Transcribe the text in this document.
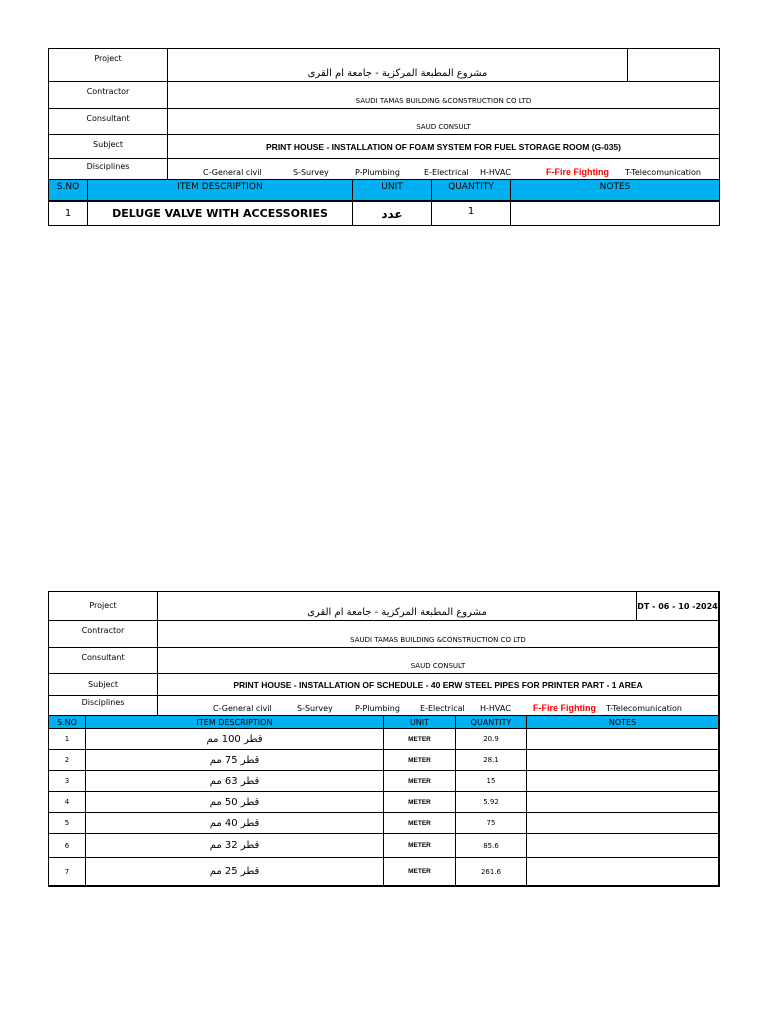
Project
مشروع المطبعة المركزية - جامعة ام القرى
Contractor
SAUDI TAMAS BUILDING &CONSTRUCTION CO LTD
Consultant
SAUD CONSULT
Subject	PRINT HOUSE - INSTALLATION OF FOAM SYSTEM FOR FUEL STORAGE ROOM (G-035)
Disciplines
C-General civil	S-Survey	P-Plumbing	E-Electrical H-HVAC	F-Fire Fighting T-Telecomunication
S.NO	ITEM DESCRIPTION	UNIT	QUANTITY	NOTES
1	DELUGE VALVE WITH ACCESSORIES	عدد	1
Project
مشروع المطبعة المركزية - جامعة ام القرى
DT - 06 - 10 -2024
Contractor
SAUDI TAMAS BUILDING &CONSTRUCTION CO LTD
Consultant
SAUD CONSULT
Subject	PRINT HOUSE - INSTALLATION OF SCHEDULE - 40 ERW STEEL PIPES FOR PRINTER PART - 1 AREA
Disciplines
C-General civil	S-Survey	P-Plumbing	E-Electrical H-HVAC F-Fire Fighting T-Telecomunication
S.NO	ITEM DESCRIPTION	UNIT	QUANTITY	NOTES
1	قطر 100 مم	METER	20.9
2	قطر 75 مم	METER	28.1
3	قطر 63 مم	METER	15
4	قطر 50 مم	METER	5.92
5	قطر 40 مم	METER	75
6	قطر 32 مم	METER	85.6
7	قطر 25 مم	METER	261.6
